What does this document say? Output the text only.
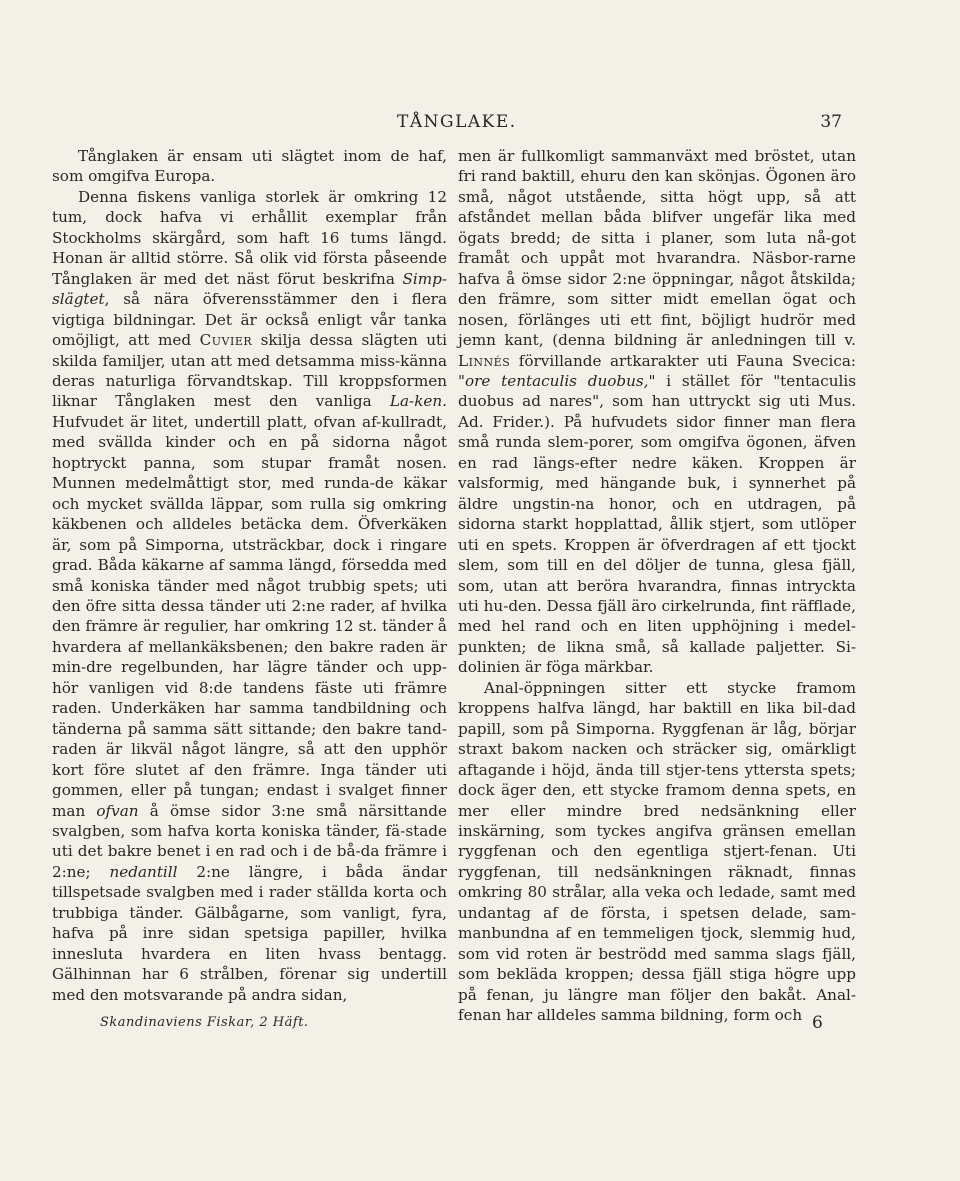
TÅNGLAKE.	37

Tånglaken är ensam uti slägtet inom de haf, som omgifva Europa.

Denna fiskens vanliga storlek är omkring 12 tum, dock hafva vi erhållit exemplar från Stockholms skärgård, som haft 16 tums längd. Honan är alltid större. Så olik vid första påseende Tånglaken är med det näst förut beskrifna Simp-slägtet, så nära öfverensstämmer den i flera vigtiga bildningar. Det är också enligt vår tanka omöjligt, att med Cuvier skilja dessa slägten uti skilda familjer, utan att med detsamma miss-känna deras naturliga förvandtskap. Till kroppsformen liknar Tånglaken mest den vanliga La-ken. Hufvudet är litet, undertill platt, ofvan af-kullradt, med svällda kinder och en på sidorna något hoptryckt panna, som stupar framåt nosen. Munnen medelmåttigt stor, med runda-de käkar och mycket svällda läppar, som rulla sig omkring käkbenen och alldeles betäcka dem. Öfverkäken är, som på Simporna, utsträckbar, dock i ringare grad. Båda käkarne af samma längd, försedda med små koniska tänder med något trubbig spets; uti den öfre sitta dessa tänder uti 2:ne rader, af hvilka den främre är regulier, har omkring 12 st. tänder å hvardera af mellankäksbenen; den bakre raden är min-dre regelbunden, har lägre tänder och upp-hör vanligen vid 8:de tandens fäste uti främre raden. Underkäken har samma tandbildning och tänderna på samma sätt sittande; den bakre tand-raden är likväl något längre, så att den upphör kort före slutet af den främre. Inga tänder uti gommen, eller på tungan; endast i svalget finner man ofvan å ömse sidor 3:ne små närsittande svalgben, som hafva korta koniska tänder, fä-stade uti det bakre benet i en rad och i de bå-da främre i 2:ne; nedantill 2:ne längre, i båda ändar tillspetsade svalgben med i rader ställda korta och trubbiga tänder. Gälbågarne, som vanligt, fyra, hafva på inre sidan spetsiga papiller, hvilka inneslutа hvardera en liten hvass bentagg. Gälhinnan har 6 strålben, förenar sig undertill med den motsvarande på andra sidan,

men är fullkomligt sammanväxt med bröstet, utan fri rand baktill, ehuru den kan skönjas. Ögonen äro små, något utstående, sitta högt upp, så att afståndet mellan båda blifver ungefär lika med ögats bredd; de sitta i planer, som luta nå-got framåt och uppåt mot hvarandra. Näsbor-rarne hafva å ömse sidor 2:ne öppningar, något åtskilda; den främre, som sitter midt emellan ögat och nosen, förlänges uti ett fint, böjligt hudrör med jemn kant, (denna bildning är anledningen till v. Linnés förvillande artkarakter uti Fauna Svecica: "ore tentaculis duobus," i stället för "tentaculis duobus ad nares", som han uttryckt sig uti Mus. Ad. Frider.). På hufvudets sidor finner man flera små runda slem-porer, som omgifva ögonen, äfven en rad längs-efter nedre käken. Kroppen är valsformig, med hängande buk, i synnerhet på äldre ungstin-na honor, och en utdragen, på sidorna starkt hopplattad, ållik stjert, som utlöper uti en spets. Kroppen är öfverdragen af ett tjockt slem, som till en del döljer de tunna, glesa fjäll, som, utan att beröra hvarandra, finnas intryckta uti hu-den. Dessa fjäll äro cirkelrunda, fint räfflade, med hel rand och en liten upphöjning i medel-punkten; de likna små, så kallade paljetter. Si-dolinien är föga märkbar.

Anal-öppningen sitter ett stycke framom kroppens halfva längd, har baktill en lika bil-dad papill, som på Simporna. Ryggfenan är låg, börjar straxt bakom nacken och sträcker sig, omärkligt aftagande i höjd, ända till stjer-tens yttersta spets; dock äger den, ett stycke framom denna spets, en mer eller mindre bred nedsänkning eller inskärning, som tyckes angifva gränsen emellan ryggfenan och den egentliga stjert-fenan. Uti ryggfenan, till nedsänkningen räknadt, finnas omkring 80 strålar, alla veka och ledade, samt med undantag af de första, i spetsen delade, sam-manbundna af en temmeligen tjock, slemmig hud, som vid roten är beströdd med samma slags fjäll, som bekläda kroppen; dessa fjäll stiga högre upp på fenan, ju längre man följer den bakåt. Anal-fenan har alldeles samma bildning, form och

Skandinaviens Fiskar, 2 Häft.	6
